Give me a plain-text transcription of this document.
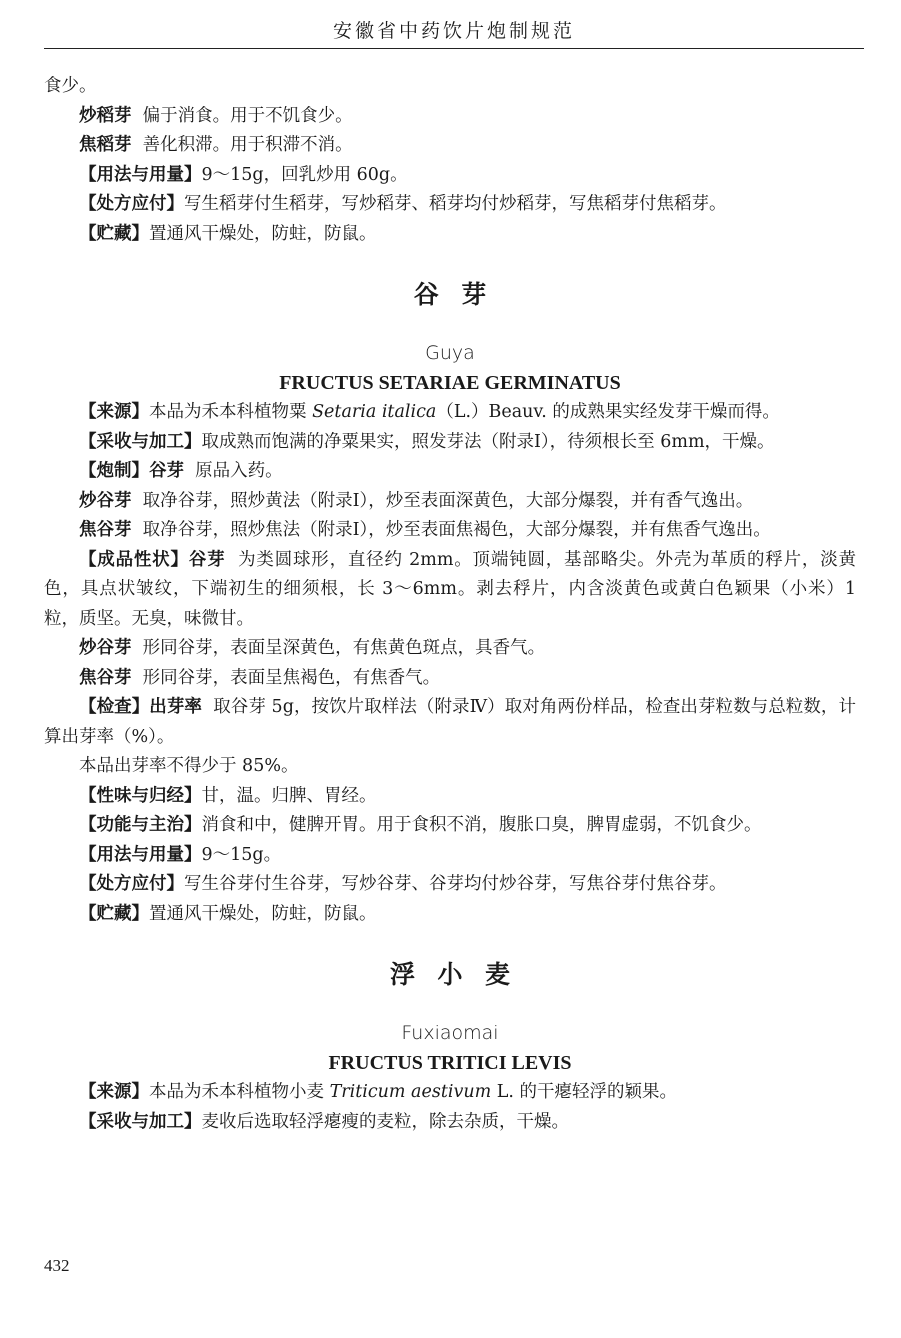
安徽省中药饮片炮制规范

食少。

炒稻芽 偏于消食。用于不饥食少。

焦稻芽 善化积滞。用于积滞不消。

【用法与用量】9～15g，回乳炒用 60g。

【处方应付】写生稻芽付生稻芽，写炒稻芽、稻芽均付炒稻芽，写焦稻芽付焦稻芽。

【贮藏】置通风干燥处，防蛀，防鼠。

谷芽

Guya

FRUCTUS SETARIAE GERMINATUS

【来源】本品为禾本科植物粟 Setaria italica（L.）Beauv. 的成熟果实经发芽干燥而得。

【采收与加工】取成熟而饱满的净粟果实，照发芽法（附录Ⅰ），待须根长至 6mm，干燥。

【炮制】谷芽 原品入药。

炒谷芽 取净谷芽，照炒黄法（附录Ⅰ），炒至表面深黄色，大部分爆裂，并有香气逸出。

焦谷芽 取净谷芽，照炒焦法（附录Ⅰ），炒至表面焦褐色，大部分爆裂，并有焦香气逸出。

【成品性状】谷芽 为类圆球形，直径约 2mm。顶端钝圆，基部略尖。外壳为革质的稃片，淡黄色，具点状皱纹，下端初生的细须根，长 3～6mm。剥去稃片，内含淡黄色或黄白色颖果（小米）1 粒，质坚。无臭，味微甘。

炒谷芽 形同谷芽，表面呈深黄色，有焦黄色斑点，具香气。

焦谷芽 形同谷芽，表面呈焦褐色，有焦香气。

【检查】出芽率 取谷芽 5g，按饮片取样法（附录Ⅳ）取对角两份样品，检查出芽粒数与总粒数，计算出芽率（%）。

本品出芽率不得少于 85%。

【性味与归经】甘，温。归脾、胃经。

【功能与主治】消食和中，健脾开胃。用于食积不消，腹胀口臭，脾胃虚弱，不饥食少。

【用法与用量】9～15g。

【处方应付】写生谷芽付生谷芽，写炒谷芽、谷芽均付炒谷芽，写焦谷芽付焦谷芽。

【贮藏】置通风干燥处，防蛀，防鼠。

浮小麦

Fuxiaomai

FRUCTUS TRITICI LEVIS

【来源】本品为禾本科植物小麦 Triticum aestivum L. 的干瘪轻浮的颖果。

【采收与加工】麦收后选取轻浮瘪瘦的麦粒，除去杂质，干燥。

432
